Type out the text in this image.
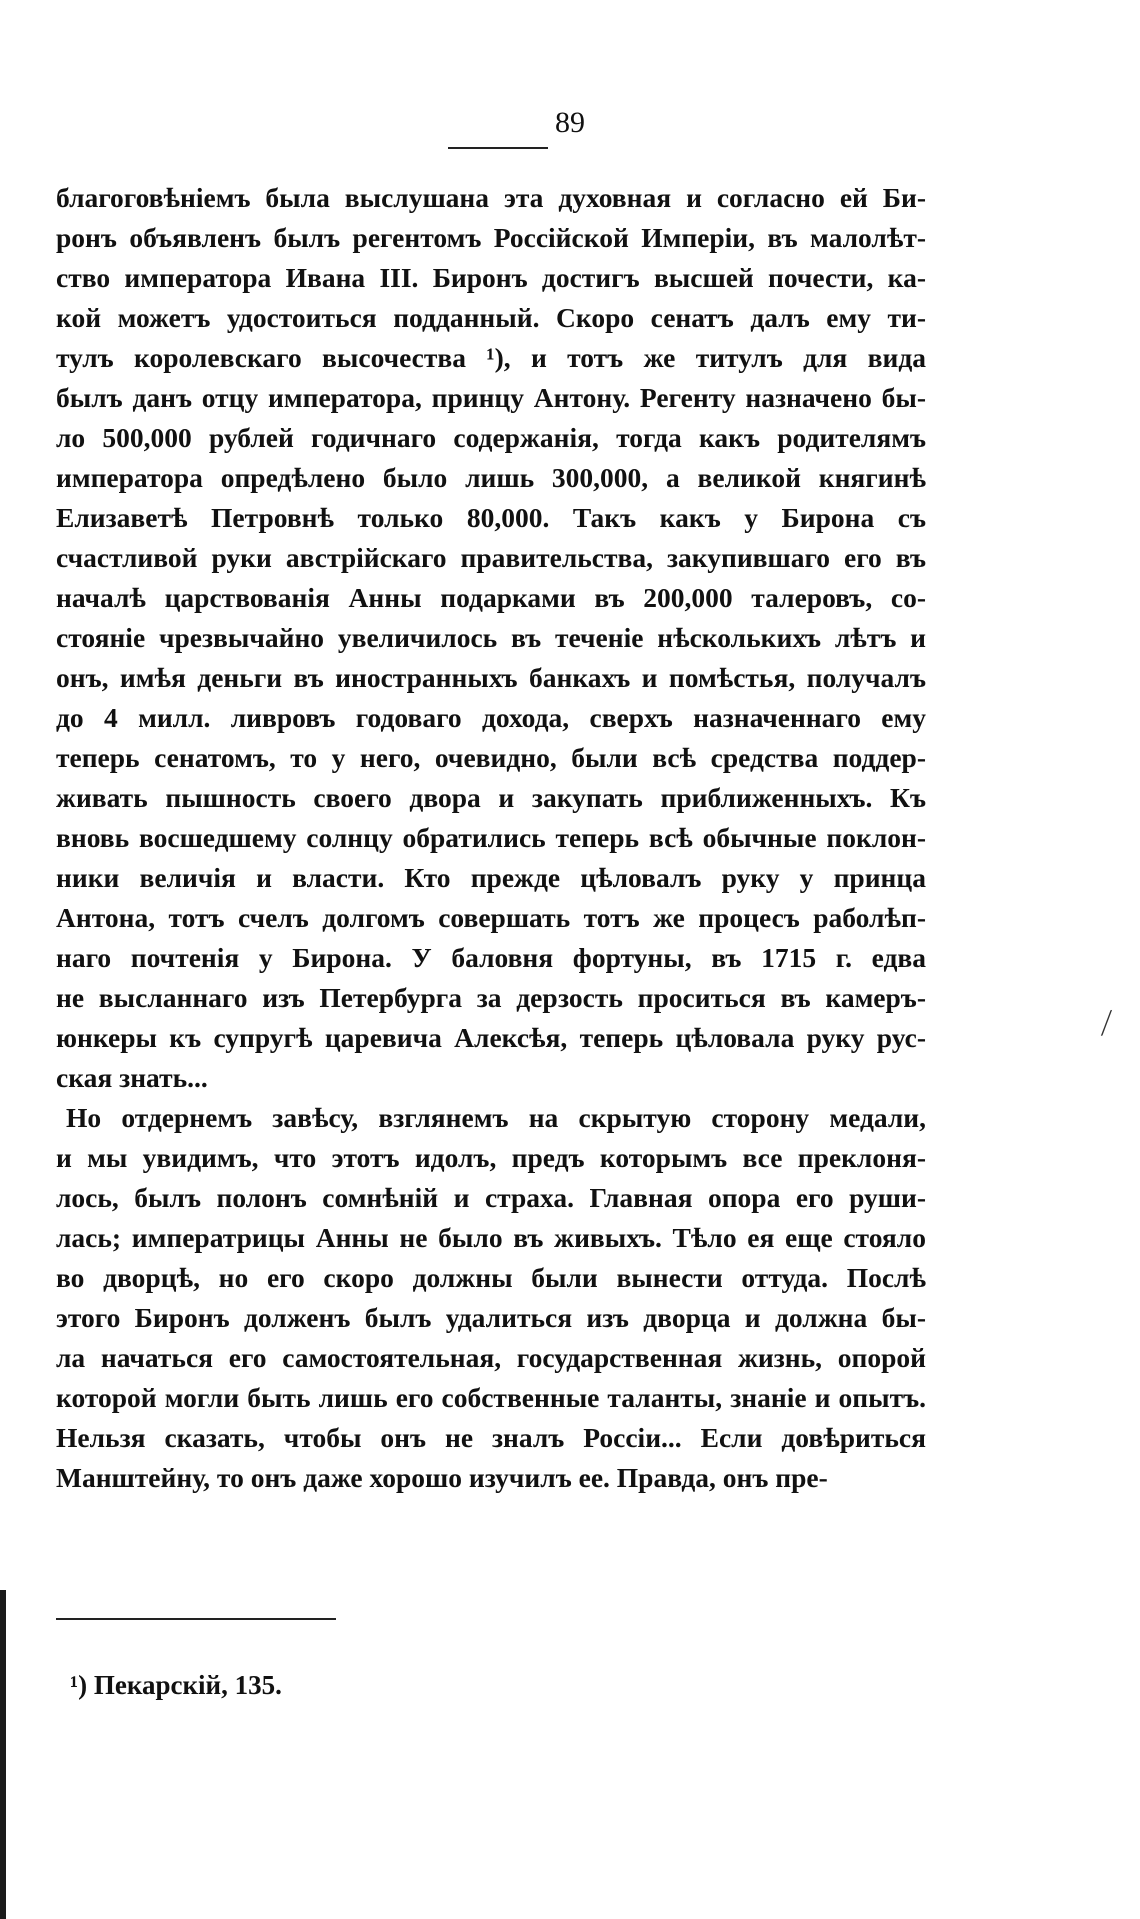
89
благоговѣніемъ была выслушана эта духовная и согласно ей Би-
ронъ объявленъ былъ регентомъ Россійской Имперіи, въ малолѣт-
ство императора Ивана III. Биронъ достигъ высшей почести, ка-
кой можетъ удостоиться подданный. Скоро сенатъ далъ ему ти-
тулъ королевскаго высочества ¹), и тотъ же титулъ для вида
былъ данъ отцу императора, принцу Антону. Регенту назначено бы-
ло 500,000 рублей годичнаго содержанія, тогда какъ родителямъ
императора опредѣлено было лишь 300,000, а великой княгинѣ
Елизаветѣ Петровнѣ только 80,000. Такъ какъ у Бирона съ
счастливой руки австрійскаго правительства, закупившаго его въ
началѣ царствованія Анны подарками въ 200,000 талеровъ, со-
стояніе чрезвычайно увеличилось въ теченіе нѣсколькихъ лѣтъ и
онъ, имѣя деньги въ иностранныхъ банкахъ и помѣстья, получалъ
до 4 милл. ливровъ годоваго дохода, сверхъ назначеннаго ему
теперь сенатомъ, то у него, очевидно, были всѣ средства поддер-
живать пышность своего двора и закупать приближенныхъ. Къ
вновь восшедшему солнцу обратились теперь всѣ обычные поклон-
ники величія и власти. Кто прежде цѣловалъ руку у принца
Антона, тотъ счелъ долгомъ совершать тотъ же процесъ раболѣп-
наго почтенія у Бирона. У баловня фортуны, въ 1715 г. едва
не высланнаго изъ Петербурга за дерзость проситься въ камеръ-
юнкеры къ супругѣ царевича Алексѣя, теперь цѣловала руку рус-
ская знать...
Но отдернемъ завѣсу, взглянемъ на скрытую сторону медали,
и мы увидимъ, что этотъ идолъ, предъ которымъ все преклоня-
лось, былъ полонъ сомнѣній и страха. Главная опора его руши-
лась; императрицы Анны не было въ живыхъ. Тѣло ея еще стояло
во дворцѣ, но его скоро должны были вынести оттуда. Послѣ
этого Биронъ долженъ былъ удалиться изъ дворца и должна бы-
ла начаться его самостоятельная, государственная жизнь, опорой
которой могли быть лишь его собственные таланты, знаніе и опытъ.
Нельзя сказать, чтобы онъ не зналъ Россіи... Если довѣриться
Манштейну, то онъ даже хорошо изучилъ ее. Правда, онъ пре-
⁄
¹) Пекарскій, 135.
